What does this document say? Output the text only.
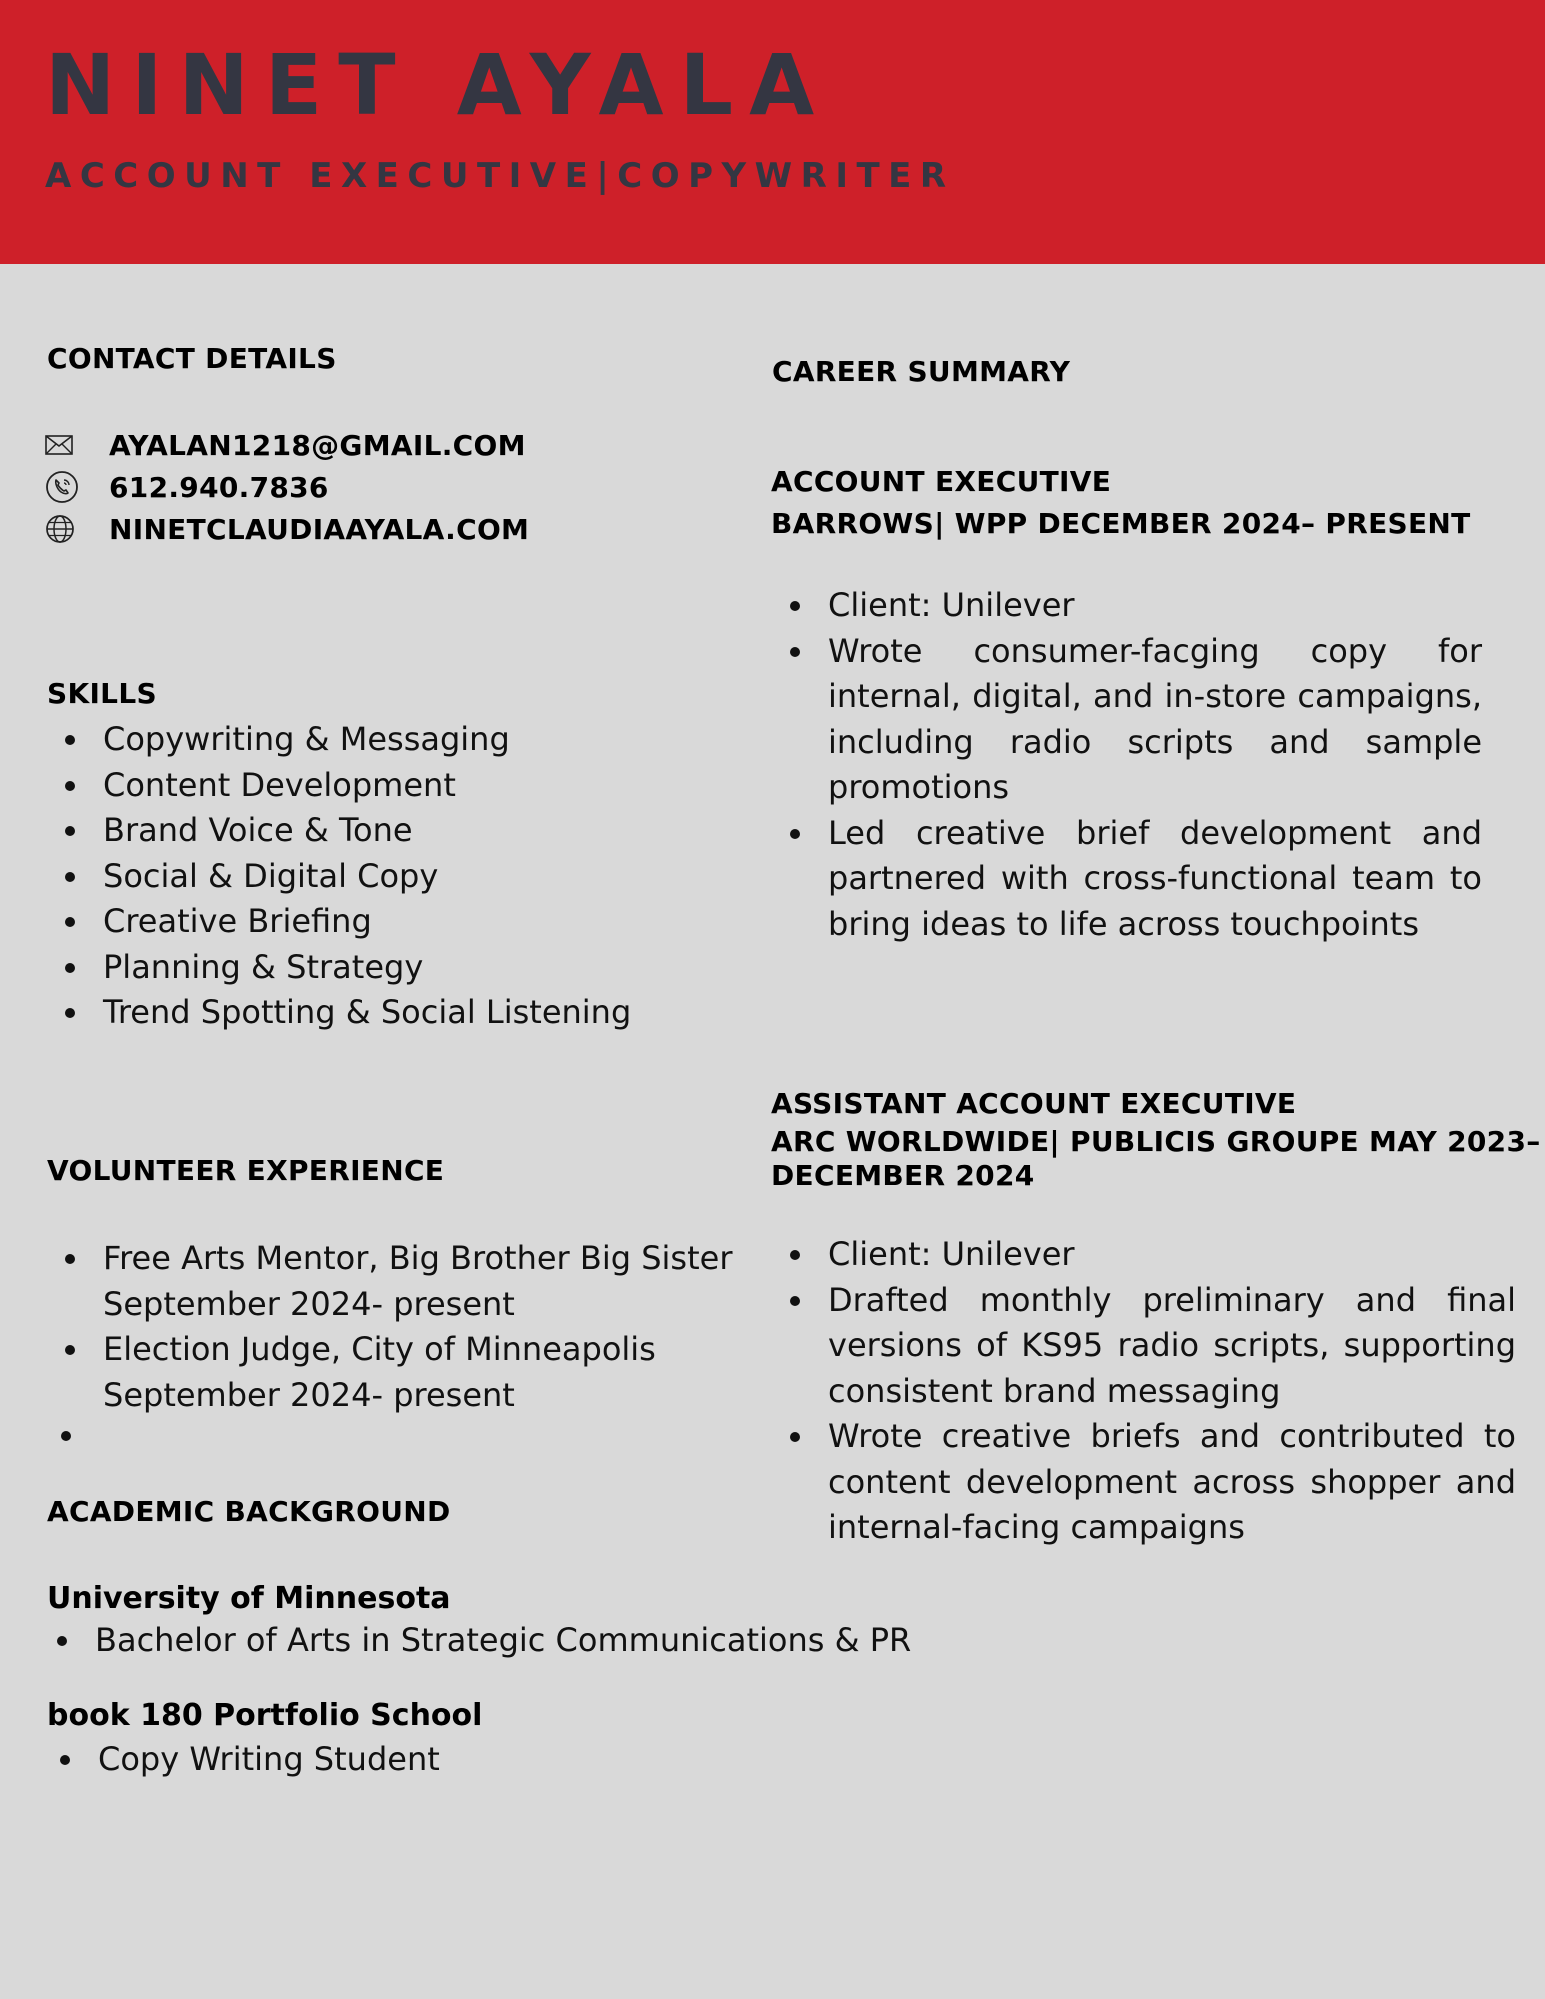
NINET AYALA
ACCOUNT EXECUTIVE|COPYWRITER
CONTACT DETAILS
AYALAN1218@GMAIL.COM
612.940.7836
NINETCLAUDIAAYALA.COM
SKILLS
Copywriting & Messaging
Content Development
Brand Voice & Tone
Social & Digital Copy
Creative Briefing
Planning & Strategy
Trend Spotting & Social Listening
VOLUNTEER EXPERIENCE
Free Arts Mentor, Big Brother Big Sister
September 2024- present
Election Judge, City of Minneapolis
September 2024- present
ACADEMIC BACKGROUND
University of Minnesota
Bachelor of Arts in Strategic Communications & PR
book 180 Portfolio School
Copy Writing Student
CAREER SUMMARY
ACCOUNT EXECUTIVE
BARROWS| WPP DECEMBER 2024– PRESENT
Client: Unilever
Wrote consumer-facging copy for internal, digital, and in-store campaigns, including radio scripts and sample promotions
Led creative brief development and partnered with cross-functional team to bring ideas to life across touchpoints
ASSISTANT ACCOUNT EXECUTIVE
ARC WORLDWIDE| PUBLICIS GROUPE MAY 2023–
DECEMBER 2024
Client: Unilever
Drafted monthly preliminary and final versions of KS95 radio scripts, supporting consistent brand messaging
Wrote creative briefs and contributed to content development across shopper and internal-facing campaigns
